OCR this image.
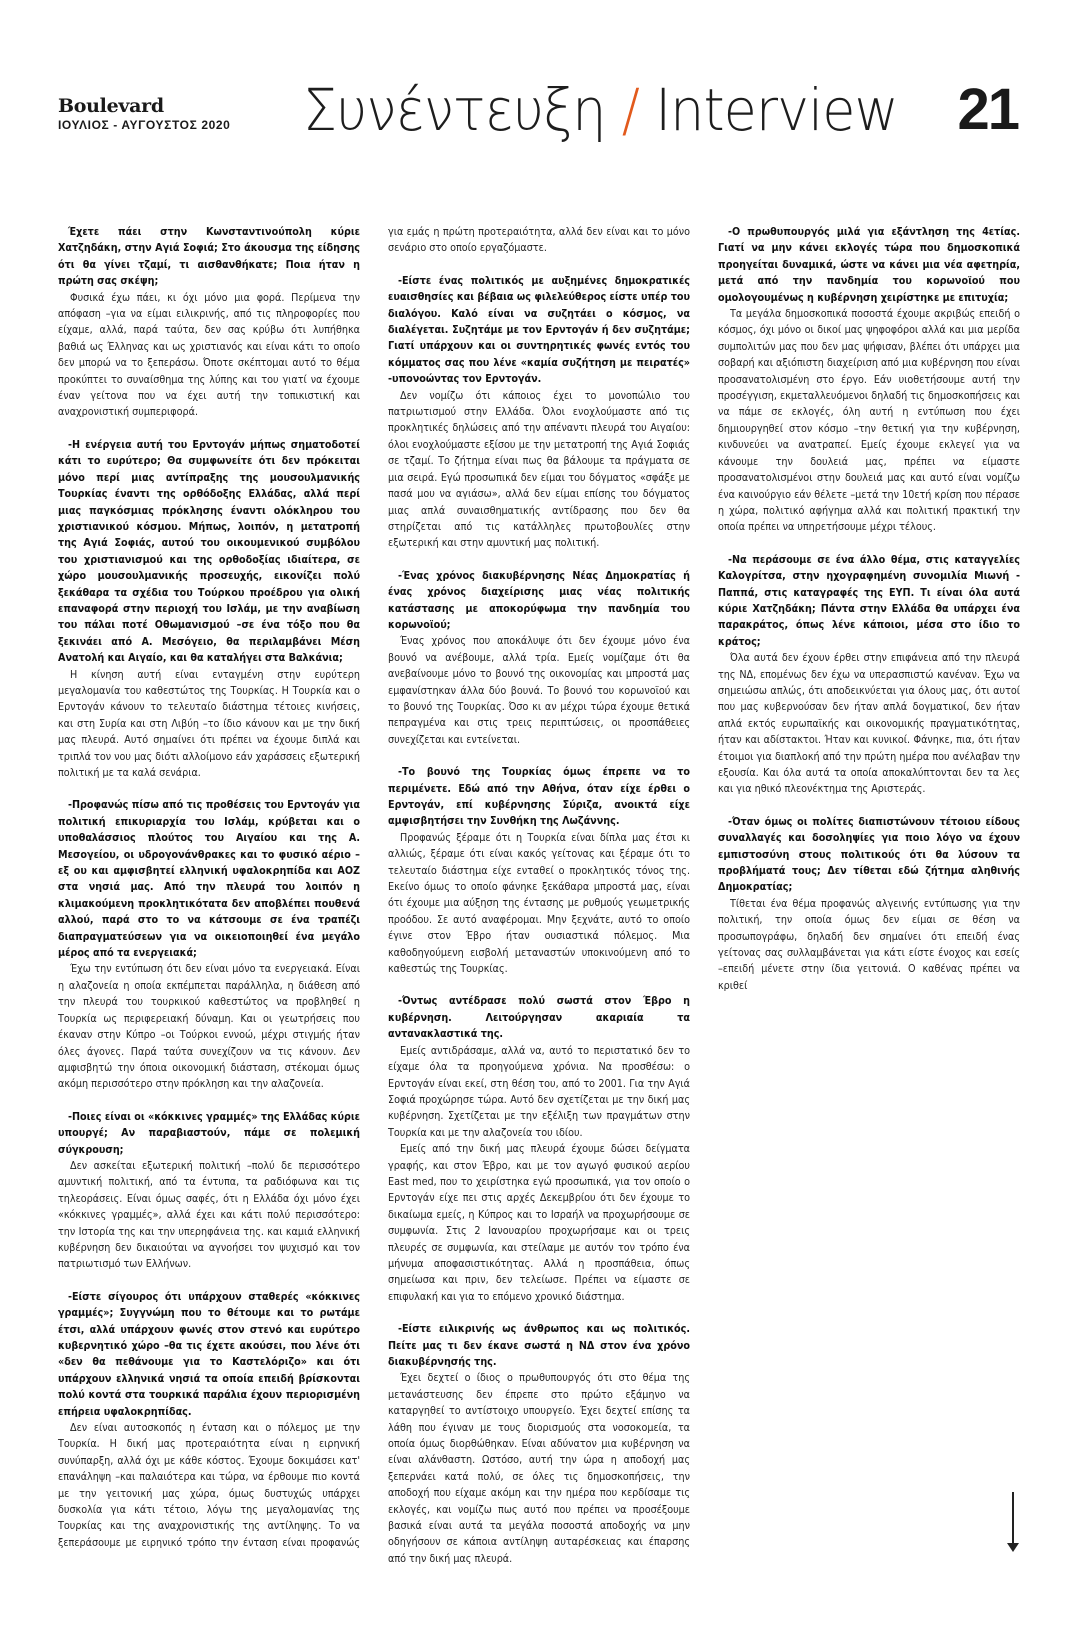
Boulevard
ΙΟΥΛΙΟΣ - ΑΥΓΟΥΣΤΟΣ 2020 Συνέντευξη / Interview 21

Έχετε πάει στην Κωνσταντινούπολη κύριε Χατζηδάκη, στην Αγιά Σοφιά; Στο άκουσμα της είδησης ότι θα γίνει τζαμί, τι αισθανθήκατε; Ποια ήταν η πρώτη σας σκέψη;

Φυσικά έχω πάει, κι όχι μόνο μια φορά. Περίμενα την απόφαση –για να είμαι ειλικρινής, από τις πληροφορίες που είχαμε, αλλά, παρά ταύτα, δεν σας κρύβω ότι λυπήθηκα βαθιά ως Έλληνας και ως χριστιανός και είναι κάτι το οποίο δεν μπορώ να το ξεπεράσω. Όποτε σκέπτομαι αυτό το θέμα προκύπτει το συναίσθημα της λύπης και του γιατί να έχουμε έναν γείτονα που να έχει αυτή την τοπικιστική και αναχρονιστική συμπεριφορά.

-Η ενέργεια αυτή του Ερντογάν μήπως σηματοδοτεί κάτι το ευρύτερο; Θα συμφωνείτε ότι δεν πρόκειται μόνο περί μιας αντίπραξης της μουσουλμανικής Τουρκίας έναντι της ορθόδοξης Ελλάδας, αλλά περί μιας παγκόσμιας πρόκλησης έναντι ολόκληρου του χριστιανικού κόσμου. Μήπως, λοιπόν, η μετατροπή της Αγιά Σοφιάς, αυτού του οικουμενικού συμβόλου του χριστιανισμού και της ορθοδοξίας ιδιαίτερα, σε χώρο μουσουλμανικής προσευχής, εικονίζει πολύ ξεκάθαρα τα σχέδια του Τούρκου προέδρου για ολική επαναφορά στην περιοχή του Ισλάμ, με την αναβίωση του πάλαι ποτέ Οθωμανισμού –σε ένα τόξο που θα ξεκινάει από Α. Μεσόγειο, θα περιλαμβάνει Μέση Ανατολή και Αιγαίο, και θα καταλήγει στα Βαλκάνια;

Η κίνηση αυτή είναι ενταγμένη στην ευρύτερη μεγαλομανία του καθεστώτος της Τουρκίας. Η Τουρκία και ο Ερντογάν κάνουν το τελευταίο διάστημα τέτοιες κινήσεις, και στη Συρία και στη Λιβύη –το ίδιο κάνουν και με την δική μας πλευρά. Αυτό σημαίνει ότι πρέπει να έχουμε διπλά και τριπλά τον νου μας διότι αλλοίμονο εάν χαράσσεις εξωτερική πολιτική με τα καλά σενάρια.

-Προφανώς πίσω από τις προθέσεις του Ερντογάν για πολιτική επικυριαρχία του Ισλάμ, κρύβεται και ο υποθαλάσσιος πλούτος του Αιγαίου και της Α. Μεσογείου, οι υδρογονάνθρακες και το φυσικό αέριο –εξ ου και αμφισβητεί ελληνική υφαλοκρηπίδα και ΑΟΖ στα νησιά μας. Από την πλευρά του λοιπόν η κλιμακούμενη προκλητικότατα δεν αποβλέπει πουθενά αλλού, παρά στο το να κάτσουμε σε ένα τραπέζι διαπραγματεύσεων για να οικειοποιηθεί ένα μεγάλο μέρος από τα ενεργειακά;

Έχω την εντύπωση ότι δεν είναι μόνο τα ενεργειακά. Είναι η αλαζονεία η οποία εκπέμπεται παράλληλα, η διάθεση από την πλευρά του τουρκικού καθεστώτος να προβληθεί η Τουρκία ως περιφερειακή δύναμη. Και οι γεωτρήσεις που έκαναν στην Κύπρο –οι Τούρκοι εννοώ, μέχρι στιγμής ήταν όλες άγονες. Παρά ταύτα συνεχίζουν να τις κάνουν. Δεν αμφισβητώ την όποια οικονομική διάσταση, στέκομαι όμως ακόμη περισσότερο στην πρόκληση και την αλαζονεία.

-Ποιες είναι οι «κόκκινες γραμμές» της Ελλάδας κύριε υπουργέ; Αν παραβιαστούν, πάμε σε πολεμική σύγκρουση;

Δεν ασκείται εξωτερική πολιτική –πολύ δε περισσότερο αμυντική πολιτική, από τα έντυπα, τα ραδιόφωνα και τις τηλεοράσεις. Είναι όμως σαφές, ότι η Ελλάδα όχι μόνο έχει «κόκκινες γραμμές», αλλά έχει και κάτι πολύ περισσότερο: την Ιστορία της και την υπερηφάνεια της. και καμιά ελληνική κυβέρνηση δεν δικαιούται να αγνοήσει τον ψυχισμό και τον πατριωτισμό των Ελλήνων.

-Είστε σίγουρος ότι υπάρχουν σταθερές «κόκκινες γραμμές»; Συγγνώμη που το θέτουμε και το ρωτάμε έτσι, αλλά υπάρχουν φωνές στον στενό και ευρύτερο κυβερνητικό χώρο –θα τις έχετε ακούσει, που λένε ότι «δεν θα πεθάνουμε για το Καστελόριζο» και ότι υπάρχουν ελληνικά νησιά τα οποία επειδή βρίσκονται πολύ κοντά στα τουρκικά παράλια έχουν περιορισμένη επήρεια υφαλοκρηπίδας.

Δεν είναι αυτοσκοπός η ένταση και ο πόλεμος με την Τουρκία. Η δική μας προτεραιότητα είναι η ειρηνική συνύπαρξη, αλλά όχι με κάθε κόστος. Έχουμε δοκιμάσει κατ' επανάληψη –και παλαιότερα και τώρα, να έρθουμε πιο κοντά με την γειτονική μας χώρα, όμως δυστυχώς υπάρχει δυσκολία για κάτι τέτοιο, λόγω της μεγαλομανίας της Τουρκίας και της αναχρονιστικής της αντίληψης. Το να ξεπεράσουμε με ειρηνικό τρόπο την ένταση είναι προφανώς για εμάς η πρώτη προτεραιότητα, αλλά δεν είναι και το μόνο σενάριο στο οποίο εργαζόμαστε.

-Είστε ένας πολιτικός με αυξημένες δημοκρατικές ευαισθησίες και βέβαια ως φιλελεύθερος είστε υπέρ του διαλόγου. Καλό είναι να συζητάει ο κόσμος, να διαλέγεται. Συζητάμε με τον Ερντογάν ή δεν συζητάμε; Γιατί υπάρχουν και οι συντηρητικές φωνές εντός του κόμματος σας που λένε «καμία συζήτηση με πειρατές» -υπονοώντας τον Ερντογάν.

Δεν νομίζω ότι κάποιος έχει το μονοπώλιο του πατριωτισμού στην Ελλάδα. Όλοι ενοχλούμαστε από τις προκλητικές δηλώσεις από την απέναντι πλευρά του Αιγαίου: όλοι ενοχλούμαστε εξίσου με την μετατροπή της Αγιά Σοφιάς σε τζαμί. Το ζήτημα είναι πως θα βάλουμε τα πράγματα σε μια σειρά. Εγώ προσωπικά δεν είμαι του δόγματος «σφάξε με πασά μου να αγιάσω», αλλά δεν είμαι επίσης του δόγματος μιας απλά συναισθηματικής αντίδρασης που δεν θα στηρίζεται από τις κατάλληλες πρωτοβουλίες στην εξωτερική και στην αμυντική μας πολιτική.

-Ένας χρόνος διακυβέρνησης Νέας Δημοκρατίας ή ένας χρόνος διαχείρισης μιας νέας πολιτικής κατάστασης με αποκορύφωμα την πανδημία του κορωνοϊού;

Ένας χρόνος που αποκάλυψε ότι δεν έχουμε μόνο ένα βουνό να ανέβουμε, αλλά τρία. Εμείς νομίζαμε ότι θα ανεβαίνουμε μόνο το βουνό της οικονομίας και μπροστά μας εμφανίστηκαν άλλα δύο βουνά. Το βουνό του κορωνοϊού και το βουνό της Τουρκίας. Όσο κι αν μέχρι τώρα έχουμε θετικά πεπραγμένα και στις τρεις περιπτώσεις, οι προσπάθειες συνεχίζεται και εντείνεται.

-Το βουνό της Τουρκίας όμως έπρεπε να το περιμένετε. Εδώ από την Αθήνα, όταν είχε έρθει ο Ερντογάν, επί κυβέρνησης Σύριζα, ανοικτά είχε αμφισβητήσει την Συνθήκη της Λωζάννης.

Προφανώς ξέραμε ότι η Τουρκία είναι δίπλα μας έτσι κι αλλιώς, ξέραμε ότι είναι κακός γείτονας και ξέραμε ότι το τελευταίο διάστημα είχε ενταθεί ο προκλητικός τόνος της. Εκείνο όμως το οποίο φάνηκε ξεκάθαρα μπροστά μας, είναι ότι έχουμε μια αύξηση της έντασης με ρυθμούς γεωμετρικής προόδου. Σε αυτό αναφέρομαι. Μην ξεχνάτε, αυτό το οποίο έγινε στον Έβρο ήταν ουσιαστικά πόλεμος. Μια καθοδηγούμενη εισβολή μεταναστών υποκινούμενη από το καθεστώς της Τουρκίας.

-Όντως αντέδρασε πολύ σωστά στον Έβρο η κυβέρνηση. Λειτούργησαν ακαριαία τα αντανακλαστικά της.

Εμείς αντιδράσαμε, αλλά να, αυτό το περιστατικό δεν το είχαμε όλα τα προηγούμενα χρόνια. Να προσθέσω: ο Ερντογάν είναι εκεί, στη θέση του, από το 2001. Για την Αγιά Σοφιά προχώρησε τώρα. Αυτό δεν σχετίζεται με την δική μας κυβέρνηση. Σχετίζεται με την εξέλιξη των πραγμάτων στην Τουρκία και με την αλαζονεία του ιδίου.

Εμείς από την δική μας πλευρά έχουμε δώσει δείγματα γραφής, και στον Έβρο, και με τον αγωγό φυσικού αερίου East med, που το χειρίστηκα εγώ προσωπικά, για τον οποίο ο Ερντογάν είχε πει στις αρχές Δεκεμβρίου ότι δεν έχουμε το δικαίωμα εμείς, η Κύπρος και το Ισραήλ να προχωρήσουμε σε συμφωνία. Στις 2 Ιανουαρίου προχωρήσαμε και οι τρεις πλευρές σε συμφωνία, και στείλαμε με αυτόν τον τρόπο ένα μήνυμα αποφασιστικότητας. Αλλά η προσπάθεια, όπως σημείωσα και πριν, δεν τελείωσε. Πρέπει να είμαστε σε επιφυλακή και για το επόμενο χρονικό διάστημα.

-Είστε ειλικρινής ως άνθρωπος και ως πολιτικός. Πείτε μας τι δεν έκανε σωστά η ΝΔ στον ένα χρόνο διακυβέρνησής της.

Έχει δεχτεί ο ίδιος ο πρωθυπουργός ότι στο θέμα της μετανάστευσης δεν έπρεπε στο πρώτο εξάμηνο να καταργηθεί το αντίστοιχο υπουργείο. Έχει δεχτεί επίσης τα λάθη που έγιναν με τους διορισμούς στα νοσοκομεία, τα οποία όμως διορθώθηκαν. Είναι αδύνατον μια κυβέρνηση να είναι αλάνθαστη. Ωστόσο, αυτή την ώρα η αποδοχή μας ξεπερνάει κατά πολύ, σε όλες τις δημοσκοπήσεις, την αποδοχή που είχαμε ακόμη και την ημέρα που κερδίσαμε τις εκλογές, και νομίζω πως αυτό που πρέπει να προσέξουμε βασικά είναι αυτά τα μεγάλα ποσοστά αποδοχής να μην οδηγήσουν σε κάποια αντίληψη αυταρέσκειας και έπαρσης από την δική μας πλευρά.

-Ο πρωθυπουργός μιλά για εξάντληση της 4ετίας. Γιατί να μην κάνει εκλογές τώρα που δημοσκοπικά προηγείται δυναμικά, ώστε να κάνει μια νέα αφετηρία, μετά από την πανδημία του κορωνοϊού που ομολογουμένως η κυβέρνηση χειρίστηκε με επιτυχία;

Τα μεγάλα δημοσκοπικά ποσοστά έχουμε ακριβώς επειδή ο κόσμος, όχι μόνο οι δικοί μας ψηφοφόροι αλλά και μια μερίδα συμπολιτών μας που δεν μας ψήφισαν, βλέπει ότι υπάρχει μια σοβαρή και αξιόπιστη διαχείριση από μια κυβέρνηση που είναι προσανατολισμένη στο έργο. Εάν υιοθετήσουμε αυτή την προσέγγιση, εκμεταλλευόμενοι δηλαδή τις δημοσκοπήσεις και να πάμε σε εκλογές, όλη αυτή η εντύπωση που έχει δημιουργηθεί στον κόσμο –την θετική για την κυβέρνηση, κινδυνεύει να ανατραπεί. Εμείς έχουμε εκλεγεί για να κάνουμε την δουλειά μας, πρέπει να είμαστε προσανατολισμένοι στην δουλειά μας και αυτό είναι νομίζω ένα καινούργιο εάν θέλετε –μετά την 10ετή κρίση που πέρασε η χώρα, πολιτικό αφήγημα αλλά και πολιτική πρακτική την οποία πρέπει να υπηρετήσουμε μέχρι τέλους.

-Να περάσουμε σε ένα άλλο θέμα, στις καταγγελίες Καλογρίτσα, στην ηχογραφημένη συνομιλία Μιωνή - Παππά, στις καταγραφές της ΕΥΠ. Τι είναι όλα αυτά κύριε Χατζηδάκη; Πάντα στην Ελλάδα θα υπάρχει ένα παρακράτος, όπως λένε κάποιοι, μέσα στο ίδιο το κράτος;

Όλα αυτά δεν έχουν έρθει στην επιφάνεια από την πλευρά της ΝΔ, επομένως δεν έχω να υπερασπιστώ κανέναν. Έχω να σημειώσω απλώς, ότι αποδεικνύεται για όλους μας, ότι αυτοί που μας κυβερνούσαν δεν ήταν απλά δογματικοί, δεν ήταν απλά εκτός ευρωπαϊκής και οικονομικής πραγματικότητας, ήταν και αδίστακτοι. Ήταν και κυνικοί. Φάνηκε, πια, ότι ήταν έτοιμοι για διαπλοκή από την πρώτη ημέρα που ανέλαβαν την εξουσία. Και όλα αυτά τα οποία αποκαλύπτονται δεν τα λες και για ηθικό πλεονέκτημα της Αριστεράς.

-Όταν όμως οι πολίτες διαπιστώνουν τέτοιου είδους συναλλαγές και δοσοληψίες για ποιο λόγο να έχουν εμπιστοσύνη στους πολιτικούς ότι θα λύσουν τα προβλήματά τους; Δεν τίθεται εδώ ζήτημα αληθινής Δημοκρατίας;

Τίθεται ένα θέμα προφανώς αλγεινής εντύπωσης για την πολιτική, την οποία όμως δεν είμαι σε θέση να προσωπογράφω, δηλαδή δεν σημαίνει ότι επειδή ένας γείτονας σας συλλαμβάνεται για κάτι είστε ένοχος και εσείς –επειδή μένετε στην ίδια γειτονιά. Ο καθένας πρέπει να κριθεί
